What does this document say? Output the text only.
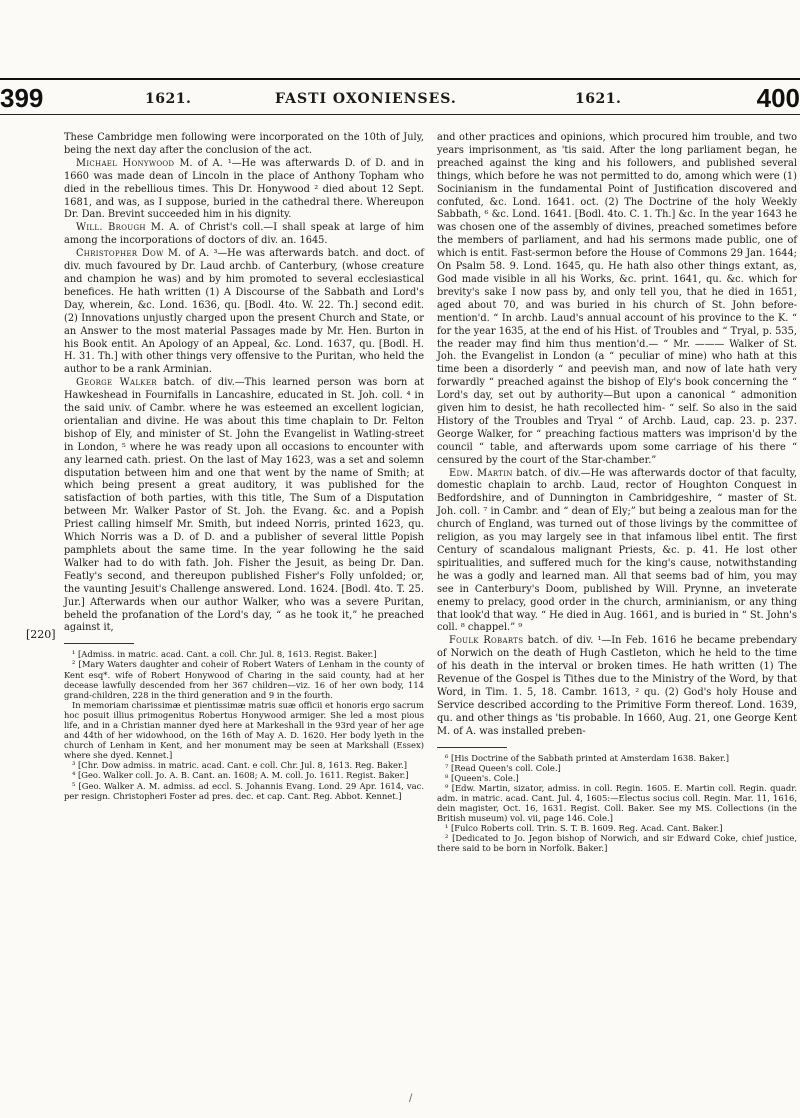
399	1621.	FASTI OXONIENSES.	1621.	400
[220]

These Cambridge men following were incorporated on the 10th of July, being the next day after the conclusion of the act.

Michael Honywood M. of A. ¹—He was afterwards D. of D. and in 1660 was made dean of Lincoln in the place of Anthony Topham who died in the rebellious times. This Dr. Honywood ² died about 12 Sept. 1681, and was, as I suppose, buried in the cathedral there. Whereupon Dr. Dan. Brevint succeeded him in his dignity.

Will. Brough M. A. of Christ's coll.—I shall speak at large of him among the incorporations of doctors of div. an. 1645.

Christopher Dow M. of A. ³—He was afterwards batch. and doct. of div. much favoured by Dr. Laud archb. of Canterbury, (whose creature and champion he was) and by him promoted to several ecclesiastical benefices. He hath written (1) A Discourse of the Sabbath and Lord's Day, wherein, &c. Lond. 1636, qu. [Bodl. 4to. W. 22. Th.] second edit. (2) Innovations unjustly charged upon the present Church and State, or an Answer to the most material Passages made by Mr. Hen. Burton in his Book entit. An Apology of an Appeal, &c. Lond. 1637, qu. [Bodl. H. H. 31. Th.] with other things very offensive to the Puritan, who held the author to be a rank Arminian.

George Walker batch. of div.—This learned person was born at Hawkeshead in Fournifalls in Lancashire, educated in St. Joh. coll. ⁴ in the said univ. of Cambr. where he was esteemed an excellent logician, orientalian and divine. He was about this time chaplain to Dr. Felton bishop of Ely, and minister of St. John the Evangelist in Watling-street in London, ⁵ where he was ready upon all occasions to encounter with any learned cath. priest. On the last of May 1623, was a set and solemn disputation between him and one that went by the name of Smith; at which being present a great auditory, it was published for the satisfaction of both parties, with this title, The Sum of a Disputation between Mr. Walker Pastor of St. Joh. the Evang. &c. and a Popish Priest calling himself Mr. Smith, but indeed Norris, printed 1623, qu. Which Norris was a D. of D. and a publisher of several little Popish pamphlets about the same time. In the year following he the said Walker had to do with fath. Joh. Fisher the Jesuit, as being Dr. Dan. Featly's second, and thereupon published Fisher's Folly unfolded; or, the vaunting Jesuit's Challenge answered. Lond. 1624. [Bodl. 4to. T. 25. Jur.] Afterwards when our author Walker, who was a severe Puritan, beheld the profanation of the Lord's day, “ as he took it,” he preached against it,

¹ [Admiss. in matric. acad. Cant. a coll. Chr. Jul. 8, 1613. Regist. Baker.]

² [Mary Waters daughter and coheir of Robert Waters of Lenham in the county of Kent esq*. wife of Robert Honywood of Charing in the said county, had at her decease lawfully descended from her 367 children—viz. 16 of her own body, 114 grand-children, 228 in the third generation and 9 in the fourth.

In memoriam charissimæ et pientissimæ matris suæ officii et honoris ergo sacrum hoc posuit illius primogenitus Robertus Honywood armiger. She led a most pious life, and in a Christian manner dyed here at Markeshall in the 93rd year of her age and 44th of her widowhood, on the 16th of May A. D. 1620. Her body lyeth in the church of Lenham in Kent, and her monument may be seen at Markshall (Essex) where she dyed. Kennet.]

³ [Chr. Dow admiss. in matric. acad. Cant. e coll. Chr. Jul. 8, 1613. Reg. Baker.]

⁴ [Geo. Walker coll. Jo. A. B. Cant. an. 1608; A. M. coll. Jo. 1611. Regist. Baker.]

⁵ [Geo. Walker A. M. admiss. ad eccl. S. Johannis Evang. Lond. 29 Apr. 1614, vac. per resign. Christopheri Foster ad pres. dec. et cap. Cant. Reg. Abbot. Kennet.]

and other practices and opinions, which procured him trouble, and two years imprisonment, as 'tis said. After the long parliament began, he preached against the king and his followers, and published several things, which before he was not permitted to do, among which were (1) Socinianism in the fundamental Point of Justification discovered and confuted, &c. Lond. 1641. oct. (2) The Doctrine of the holy Weekly Sabbath, ⁶ &c. Lond. 1641. [Bodl. 4to. C. 1. Th.] &c. In the year 1643 he was chosen one of the assembly of divines, preached sometimes before the members of parliament, and had his sermons made public, one of which is entit. Fast-sermon before the House of Commons 29 Jan. 1644; On Psalm 58. 9. Lond. 1645, qu. He hath also other things extant, as, God made visible in all his Works, &c. print. 1641, qu. &c. which for brevity's sake I now pass by, and only tell you, that he died in 1651, aged about 70, and was buried in his church of St. John before-mention'd. “ In archb. Laud's annual account of his province to the K. “ for the year 1635, at the end of his Hist. of Troubles and “ Tryal, p. 535, the reader may find him thus mention'd.— “ Mr. ——— Walker of St. Joh. the Evangelist in London (a “ peculiar of mine) who hath at this time been a disorderly “ and peevish man, and now of late hath very forwardly “ preached against the bishop of Ely's book concerning the “ Lord's day, set out by authority—But upon a canonical “ admonition given him to desist, he hath recollected him- “ self. So also in the said History of the Troubles and Tryal “ of Archb. Laud, cap. 23. p. 237. George Walker, for “ preaching factious matters was imprison'd by the council “ table, and afterwards upom some carriage of his there “ censured by the court of the Star-chamber.”

Edw. Martin batch. of div.—He was afterwards doctor of that faculty, domestic chaplain to archb. Laud, rector of Houghton Conquest in Bedfordshire, and of Dunnington in Cambridgeshire, “ master of St. Joh. coll. ⁷ in Cambr. and “ dean of Ely;” but being a zealous man for the church of England, was turned out of those livings by the committee of religion, as you may largely see in that infamous libel entit. The first Century of scandalous malignant Priests, &c. p. 41. He lost other spiritualities, and suffered much for the king's cause, notwithstanding he was a godly and learned man. All that seems bad of him, you may see in Canterbury's Doom, published by Will. Prynne, an inveterate enemy to prelacy, good order in the church, arminianism, or any thing that look'd that way. “ He died in Aug. 1661, and is buried in “ St. John's coll. ⁸ chappel.” ⁹

Foulk Robarts batch. of div. ¹—In Feb. 1616 he became prebendary of Norwich on the death of Hugh Castleton, which he held to the time of his death in the interval or broken times. He hath written (1) The Revenue of the Gospel is Tithes due to the Ministry of the Word, by that Word, in Tim. 1. 5, 18. Cambr. 1613, ² qu. (2) God's holy House and Service described according to the Primitive Form thereof. Lond. 1639, qu. and other things as 'tis probable. In 1660, Aug. 21, one George Kent M. of A. was installed preben-

⁶ [His Doctrine of the Sabbath printed at Amsterdam 1638. Baker.]

⁷ [Read Queen's coll. Cole.]

⁸ [Queen's. Cole.]

⁹ [Edw. Martin, sizator, admiss. in coll. Regin. 1605. E. Martin coll. Regin. quadr. adm. in matric. acad. Cant. Jul. 4, 1605:—Electus socius coll. Regin. Mar. 11, 1616, dein magister, Oct. 16, 1631. Regist. Coll. Baker. See my MS. Collections (in the British museum) vol. vii, page 146. Cole.]

¹ [Fulco Roberts coll. Trin. S. T. B. 1609. Reg. Acad. Cant. Baker.]

² [Dedicated to Jo. Jegon bishop of Norwich, and sir Edward Coke, chief justice, there said to be born in Norfolk. Baker.]

/
